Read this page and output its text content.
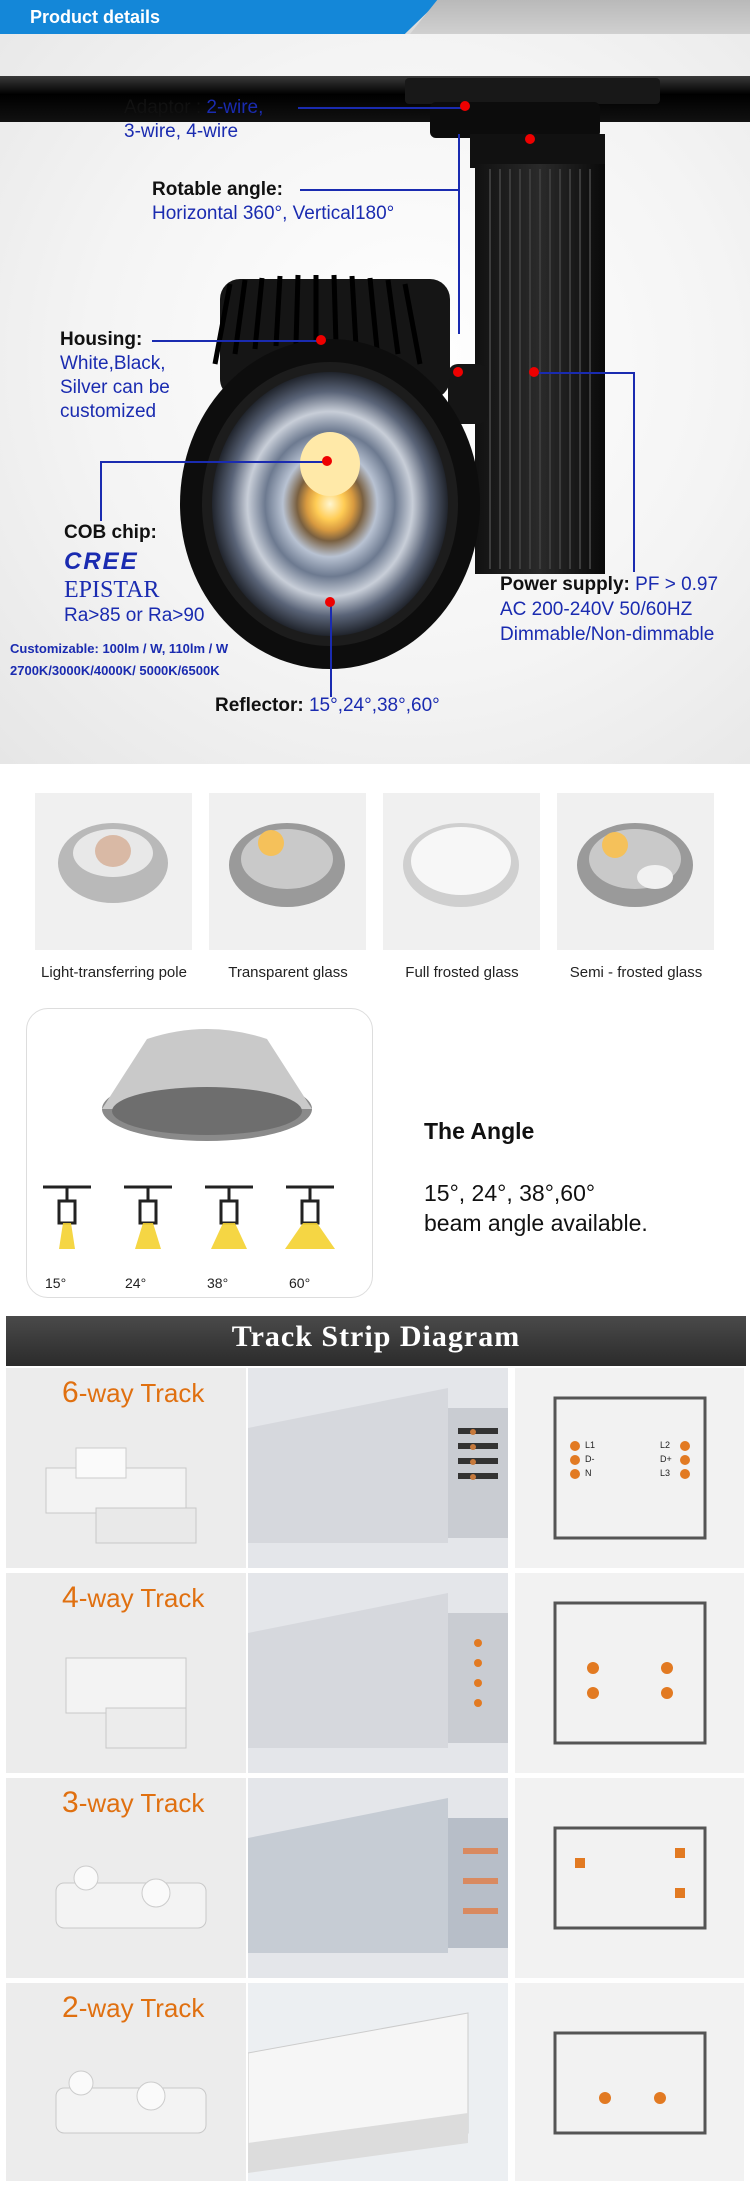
Product details
Adaptor : 2-wire,
3-wire, 4-wire
Rotable angle:
Horizontal 360°, Vertical180°
Housing:
White,Black,
Silver can be
customized
COB chip:
CREE
EPISTAR
Ra>85 or Ra>90
Customizable: 100lm / W, 110lm / W
2700K/3000K/4000K/ 5000K/6500K
Power supply: PF > 0.97
AC 200-240V 50/60HZ
Dimmable/Non-dimmable
Reflector: 15°,24°,38°,60°
Light-transferring pole	Transparent glass	Full frosted glass	Semi - frosted glass
15°	24°	38°	60°
The Angle
15°, 24°, 38°,60°
beam angle available.
Track Strip Diagram
6-way Track
L1
D-
N
L2
D+
L3
4-way Track
3-way Track
2-way Track
